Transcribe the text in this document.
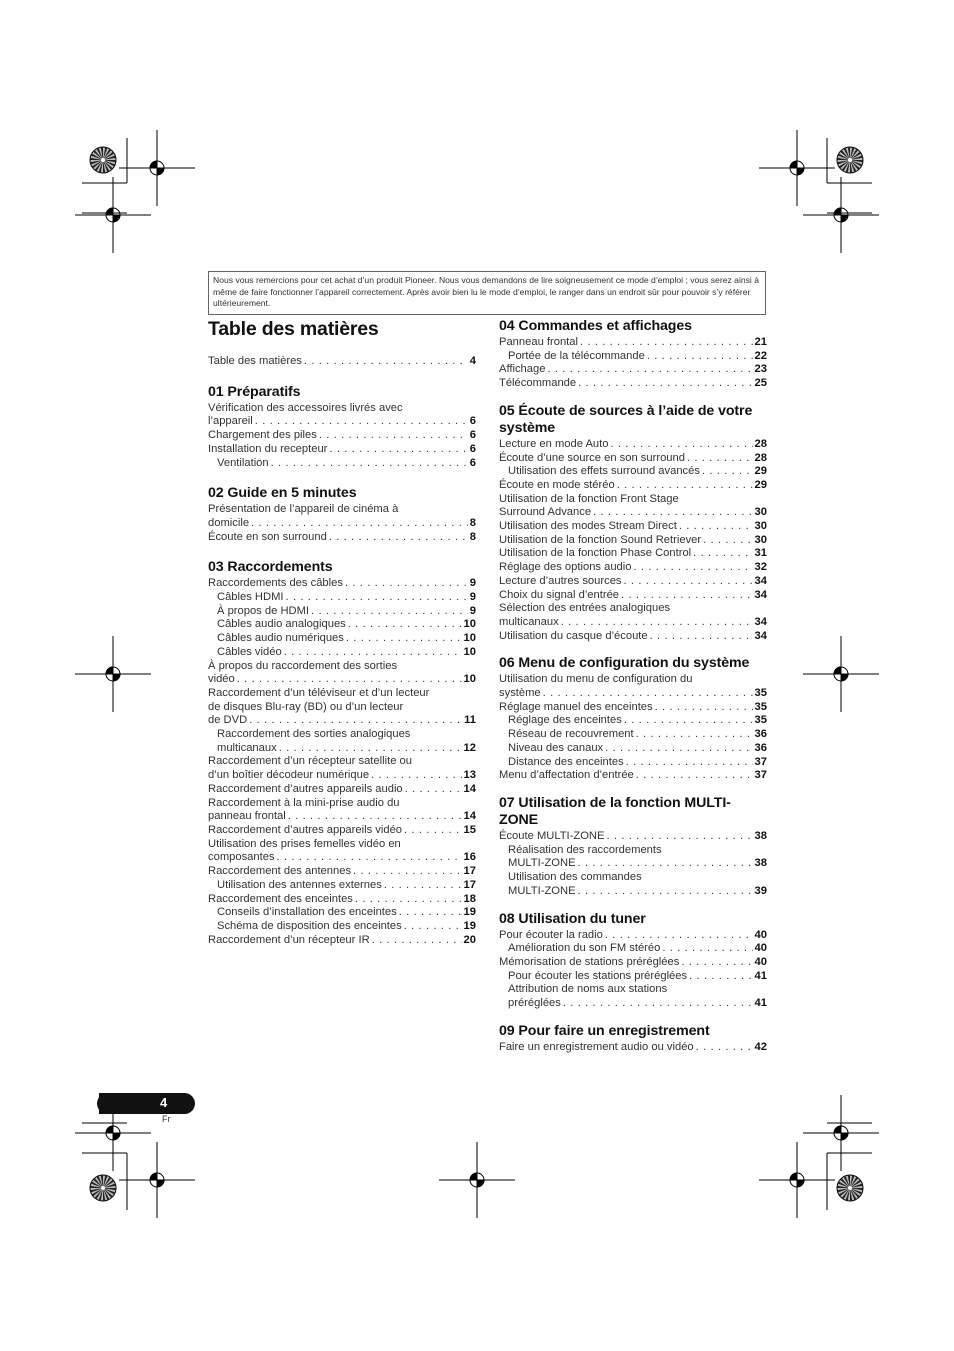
Nous vous remercions pour cet achat d’un produit Pioneer. Nous vous demandons de lire soigneusement ce mode d’emploi ; vous serez ainsi à même de faire fonctionner l’appareil correctement. Après avoir bien lu le mode d’emploi, le ranger dans un endroit sûr pour pouvoir s’y référer ultérieurement.
Table des matières
Table des matières . . .	4
01 Préparatifs
Vérification des accessoires livrés avec
l’appareil . . .	6
Chargement des piles . . .	6
Installation du recepteur . . .	6
Ventilation . . .	6
02 Guide en 5 minutes
Présentation de l’appareil de cinéma à
domicile . . .	8
Écoute en son surround . . .	8
03 Raccordements
Raccordements des câbles . . .	9
Câbles HDMI . . .	9
À propos de HDMI . . .	9
Câbles audio analogiques . . .	10
Câbles audio numériques . . .	10
Câbles vidéo . . .	10
À propos du raccordement des sorties
vidéo . . .	10
Raccordement d’un téléviseur et d’un lecteur
de disques Blu-ray (BD) ou d’un lecteur
de DVD . . .	11
Raccordement des sorties analogiques
multicanaux . . .	12
Raccordement d’un récepteur satellite ou
d’un boîtier décodeur numérique . . .	13
Raccordement d’autres appareils audio . . .	14
Raccordement à la mini-prise audio du
panneau frontal . . .	14
Raccordement d’autres appareils vidéo . . .	15
Utilisation des prises femelles vidéo en
composantes . . .	16
Raccordement des antennes . . .	17
Utilisation des antennes externes . . .	17
Raccordement des enceintes . . .	18
Conseils d’installation des enceintes . . .	19
Schéma de disposition des enceintes . . .	19
Raccordement d’un récepteur IR . . .	20
04 Commandes et affichages
Panneau frontal . . .	21
Portée de la télécommande . . .	22
Affichage . . .	23
Télécommande . . .	25
05 Écoute de sources à l’aide de votre système
Lecture en mode Auto . . .	28
Écoute d’une source en son surround . . .	28
Utilisation des effets surround avancés . . .	29
Écoute en mode stéréo . . .	29
Utilisation de la fonction Front Stage
Surround Advance . . .	30
Utilisation des modes Stream Direct . . .	30
Utilisation de la fonction Sound Retriever . . .	30
Utilisation de la fonction Phase Control . . .	31
Réglage des options audio . . .	32
Lecture d’autres sources . . .	34
Choix du signal d’entrée . . .	34
Sélection des entrées analogiques
multicanaux . . .	34
Utilisation du casque d’écoute . . .	34
06 Menu de configuration du système
Utilisation du menu de configuration du
système . . .	35
Réglage manuel des enceintes . . .	35
Réglage des enceintes . . .	35
Réseau de recouvrement . . .	36
Niveau des canaux . . .	36
Distance des enceintes . . .	37
Menu d’affectation d’entrée . . .	37
07 Utilisation de la fonction MULTI-ZONE
Écoute MULTI-ZONE . . .	38
Réalisation des raccordements
MULTI-ZONE . . .	38
Utilisation des commandes
MULTI-ZONE . . .	39
08 Utilisation du tuner
Pour écouter la radio . . .	40
Amélioration du son FM stéréo . . .	40
Mémorisation de stations préréglées . . .	40
Pour écouter les stations préréglées . . .	41
Attribution de noms aux stations
préréglées . . .	41
09 Pour faire un enregistrement
Faire un enregistrement audio ou vidéo . . .	42
4
Fr
